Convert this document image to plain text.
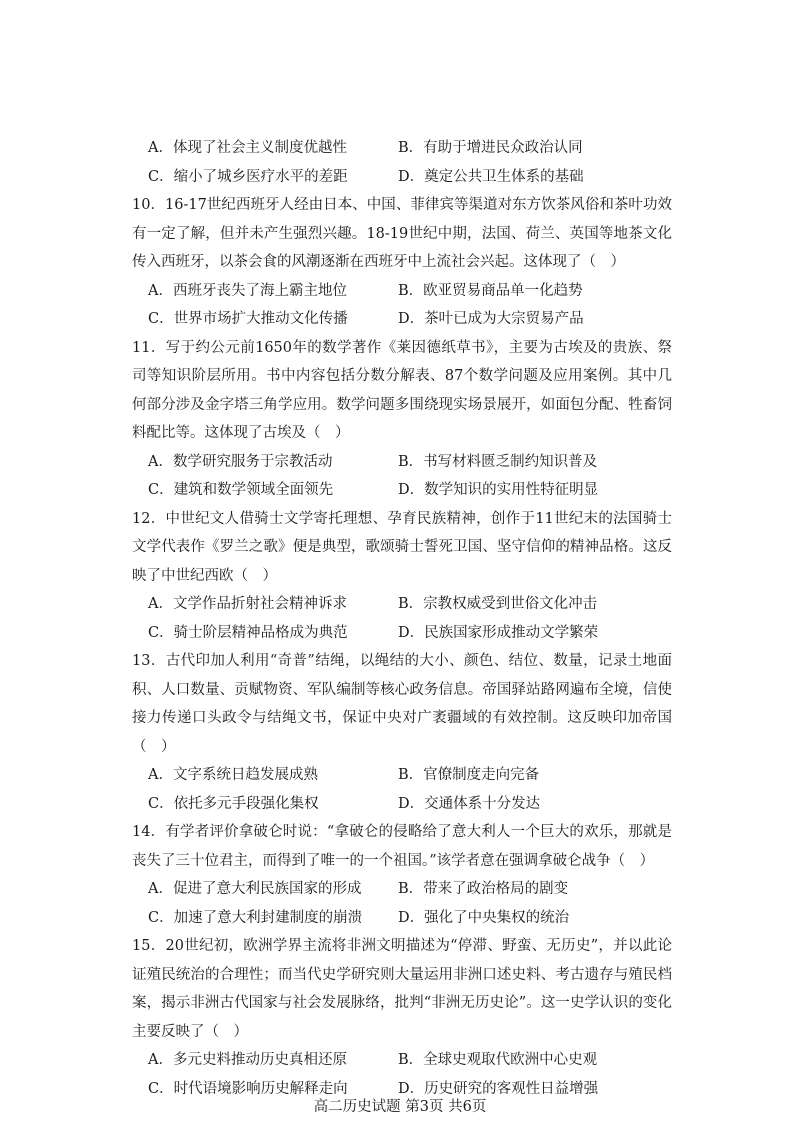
A．体现了社会主义制度优越性	B．有助于增进民众政治认同
C．缩小了城乡医疗水平的差距	D．奠定公共卫生体系的基础

10．16-17世纪西班牙人经由日本、中国、菲律宾等渠道对东方饮茶风俗和茶叶功效有一定了解，但并未产生强烈兴趣。18-19世纪中期，法国、荷兰、英国等地茶文化传入西班牙，以茶会食的风潮逐渐在西班牙中上流社会兴起。这体现了（　）

A．西班牙丧失了海上霸主地位	B．欧亚贸易商品单一化趋势
C．世界市场扩大推动文化传播	D．茶叶已成为大宗贸易产品

11．写于约公元前1650年的数学著作《莱因德纸草书》，主要为古埃及的贵族、祭司等知识阶层所用。书中内容包括分数分解表、87个数学问题及应用案例。其中几何部分涉及金字塔三角学应用。数学问题多围绕现实场景展开，如面包分配、牲畜饲料配比等。这体现了古埃及（　）

A．数学研究服务于宗教活动	B．书写材料匮乏制约知识普及
C．建筑和数学领域全面领先	D．数学知识的实用性特征明显

12．中世纪文人借骑士文学寄托理想、孕育民族精神，创作于11世纪末的法国骑士文学代表作《罗兰之歌》便是典型，歌颂骑士誓死卫国、坚守信仰的精神品格。这反映了中世纪西欧（　）

A．文学作品折射社会精神诉求	B．宗教权威受到世俗文化冲击
C．骑士阶层精神品格成为典范	D．民族国家形成推动文学繁荣

13．古代印加人利用“奇普”结绳，以绳结的大小、颜色、结位、数量，记录土地面积、人口数量、贡赋物资、军队编制等核心政务信息。帝国驿站路网遍布全境，信使接力传递口头政令与结绳文书，保证中央对广袤疆域的有效控制。这反映印加帝国（　）

A．文字系统日趋发展成熟	B．官僚制度走向完备
C．依托多元手段强化集权	D．交通体系十分发达

14．有学者评价拿破仑时说：“拿破仑的侵略给了意大利人一个巨大的欢乐，那就是丧失了三十位君主，而得到了唯一的一个祖国。”该学者意在强调拿破仑战争（　）

A．促进了意大利民族国家的形成	B．带来了政治格局的剧变
C．加速了意大利封建制度的崩溃	D．强化了中央集权的统治

15．20世纪初，欧洲学界主流将非洲文明描述为“停滞、野蛮、无历史”，并以此论证殖民统治的合理性；而当代史学研究则大量运用非洲口述史料、考古遗存与殖民档案，揭示非洲古代国家与社会发展脉络，批判“非洲无历史论”。这一史学认识的变化主要反映了（　）

A．多元史料推动历史真相还原	B．全球史观取代欧洲中心史观
C．时代语境影响历史解释走向	D．历史研究的客观性日益增强
高二历史试题 第3页 共6页
